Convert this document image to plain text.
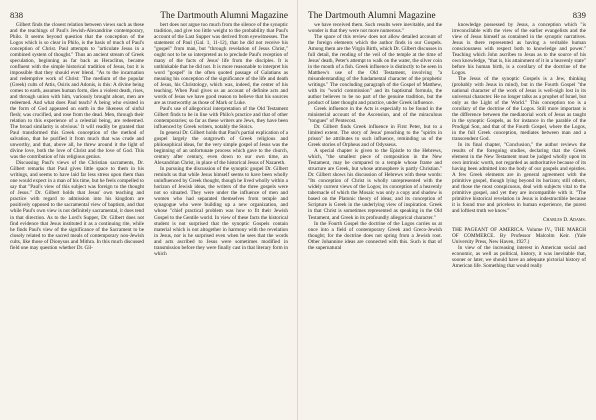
838	The Dartmouth Alumni Magazine

Gilbert finds the closest relation between views such as these and the teachings of Paul's Jewish-Alexandrine contemporary, Philo. It seems beyond question that the conception of the Logos which is so clear in Philo, is the basis of much of Paul's conception of Christ. Paul attempts to "articulate Jesus in a combined system of thought." Thus an ancient stream of Greek speculation, beginning as far back as Heraclitus, became confluent with the simple historical tradition of Jesus, but it is impossible that they should ever blend. "As to the incarnation and redemptive work of Christ: 'The medium of the popular (Greek) cults of Attis, Osiris and Adonis, is this: A divine being comes to earth, assumes human form, dies a violent death, rises, and through union with him, variously brought about, men are redeemed. And what does Paul teach? A being who existed in the form of God appeared on earth in the likeness of sinful flesh; was crucified, and rose from the dead. Men, through their relation to this experience of a celestial being, are redeemed. The broad similarity is obvious.' It will readily be granted that Paul transformed this Greek conception of the method of salvation, that he purified it from much that was crude and unworthy, and that, above all, he threw around it the light of divine love, both the love of Christ and the love of God. This was the contribution of his religious genius.

Discussing Paul's views of the Christian sacraments, Dr. Gilbert remarks that Paul gives little space to them in his writings, and seems to have laid far less stress upon them than one would expect in a man of his time, but he feels compelled to say that "Paul's view of this subject was foreign to the thought of Jesus." Dr. Gilbert holds that Jesus' own teaching and practice with regard to admission into his kingdom are positively opposed to the sacramental view of baptism, and that while Paul's own view is not definitely sacramental, it does tend in that direction. As to the Lord's Supper, Dr. Gilbert does not find evidence that Jesus instituted it as a continuing rite, while he finds Paul's view of the significance of the Sacrament to be closely related to the sacred meals of contemporary non-Jewish cults, like those of Dionysus and Mithra. In this much discussed field one may question whether Dr. Gil-

bert does not argue too much from the silence of the synoptic tradition, and give too little weight to the probability that Paul's account of the Last Supper was derived from eyewitnesses. The statement of Paul (Gal. 1, 11-12), that he did not receive his "gospel" from man, but "through revelation of Jesus Christ," ought not to be so interpreted as to preclude Paul's reception of many of the facts of Jesus' life from the disciples. It is unthinkable that he did not. It is more reasonable to interpret his word "gospel" in the often quoted passage of Galatians as meaning his conception of the significance of the life and death of Jesus, his Christology, which was, indeed, the center of his teaching. When Paul gives us an account of definite acts and words of Jesus we have good reason to believe that his sources are as trustworthy as those of Mark or Luke.

Paul's use of allegorical interpretation of the Old Testament Gilbert finds to be in line with Philo's practice and that of other contemporaries; so far as these writers are Jews, they have been influenced by Greek writers, notably the Stoics.

In general Dr. Gilbert holds that Paul's partial explication of a gospel largely the outgrowth of Greek religious and philosophical ideas, for the very simple gospel of Jesus was the beginning of an unfortunate process which gave to the church, century after century, even down to our own time, an Alexandrian Christ, in place of the historical Jesus of Nazareth.

In pursuing the discussion of the synoptic gospel Dr. Gilbert reminds us that while Jesus himself seems to have been wholly uninfluenced by Greek thought, though he lived wholly within a horizon of Jewish ideas, the writers of the three gospels were not so situated. They were under the influence of men and women who had separated themselves from temple and synagogue who were building up a new organization, and whose "chief practical problem was how to fit their Jewish Gospel to the Gentile world. In view of these facts the historical student is not surprised that the synoptic Gospels contain material which is not altogether in harmony with the revelation in Jesus, nor is he surprised even when he sees that the words and acts ascribed to Jesus were sometimes modified in transmission before they were finally cast in that literary form in which

The Dartmouth Alumni Magazine	839

we have received them. Such results were inevitable, and the wonder is that they were not more numerous."

The space of this review does not allow detailed account of the foreign elements which the author finds in our Gospels. Among them are the Virgin Birth, which Dr. Gilbert discusses in full detail, the rending of the veil of the temple at the time of Jesus' death, Peter's attempt to walk on the water, the silver coin in the mouth of a fish. Greek influence is distinctly to be seen in Matthew's use of the Old Testament, involving "a misunderstanding of the fundamental character of the prophetic writings." The concluding paragraph of the Gospel of Matthew, with its "world commission" and its baptismal formula, the author believes to be no part of the genuine tradition, but the product of later thought and practice, under Greek influence.

Greek influence in the Acts is especially to be found in the ministerial account of the Ascension, and of the miraculous "tongues" of Pentecost.

Dr. Gilbert finds Greek influence in First Peter, but to a limited extent. The story of Jesus' preaching to the "spirits in prison" he attributes to such influence, reminding us of the Greek stories of Orpheus and of Odysseus.

A special chapter is given to the Epistle to the Hebrews, which, "the smallest piece of composition in the New Testament, may be compared to a temple whose frame and structure are Greek, but whose atmosphere is partly Christian." Dr. Gilbert shows his discussion of Hebrews with these words: "Its conception of Christ is wholly unrepresented with the widely current views of the Logos; its conception of a heavenly tabernacle of which the Mosaic was only a copy and shadow is based on the Platonic theory of ideas; and its conception of Scripture is Greek in the underlying view of inspiration. Greek in that Christ is sometimes represented as speaking in the Old Testament, and Greek in its profoundly allegorical character."

In the Fourth Gospel the doctrine of the Logos carries us at once into a field of contemporary Greek and Greco-Jewish thought; for the doctrine does not spring from a Jewish root. Other Johannine ideas are connected with this. Such is that of the supernatural

knowledge possessed by Jesus, a conception which "is irreconcilable with the view of the earlier evangelists and the view of Jesus himself as contained in the synoptic narratives. Jesus is there represented as having a veritable human consciousness with respect both to knowledge and power." Teaching which John ascribes to Jesus as to the source of his own knowledge, "that is, his attainment of it in a heavenly state" before his human birth, is a corollary of the doctrine of the Logos.

The Jesus of the synoptic Gospels is a Jew, thinking (probably with Jesus in mind), but in the Fourth Gospel "the national character of the work of Jesus is well-nigh lost in its universal character. He no longer talks as a prophet of Israel, but only as the Light of the World." This conception too is a corollary of the doctrine of the Logos. Still more important is the difference between the mediatorial work of Jesus as taught in the synoptic Gospels, as for instance in the parable of the Prodigal Son, and that of the Fourth Gospel, where the Logos, in the full Greek conception, mediates between man and a transcendent God.

In its final chapter, "Conclusion," the author reviews the results of the foregoing studies, declaring that the Greek element in the New Testament must be judged wholly upon its own intrinsic worth, not regarded as authoritative because of its having been admitted into the body of our gospels and epistles. A few Greek elements are in general agreement with the primitive gospel, though lying beyond its horizon; still others, and those the most conspicuous, deal with subjects vital to the primitive gospel, and yet they are incompatible with it. "The primitive historical revelation in Jesus is indestructible because it is found true and priceless in human experience, the purest and loftiest truth we know."

Charles D. Adams.

THE PAGEANT OF AMERICA. Volume IV., THE MARCH OF COMMERCE. By Professor Malcolm Keir. (Yale University Press, New Haven, 1927.)

In view of the increasing interest in American social and economic, as well as political, history, it was inevitable that, sooner or later, we should have an adequate pictorial history of American life. Something that would really
